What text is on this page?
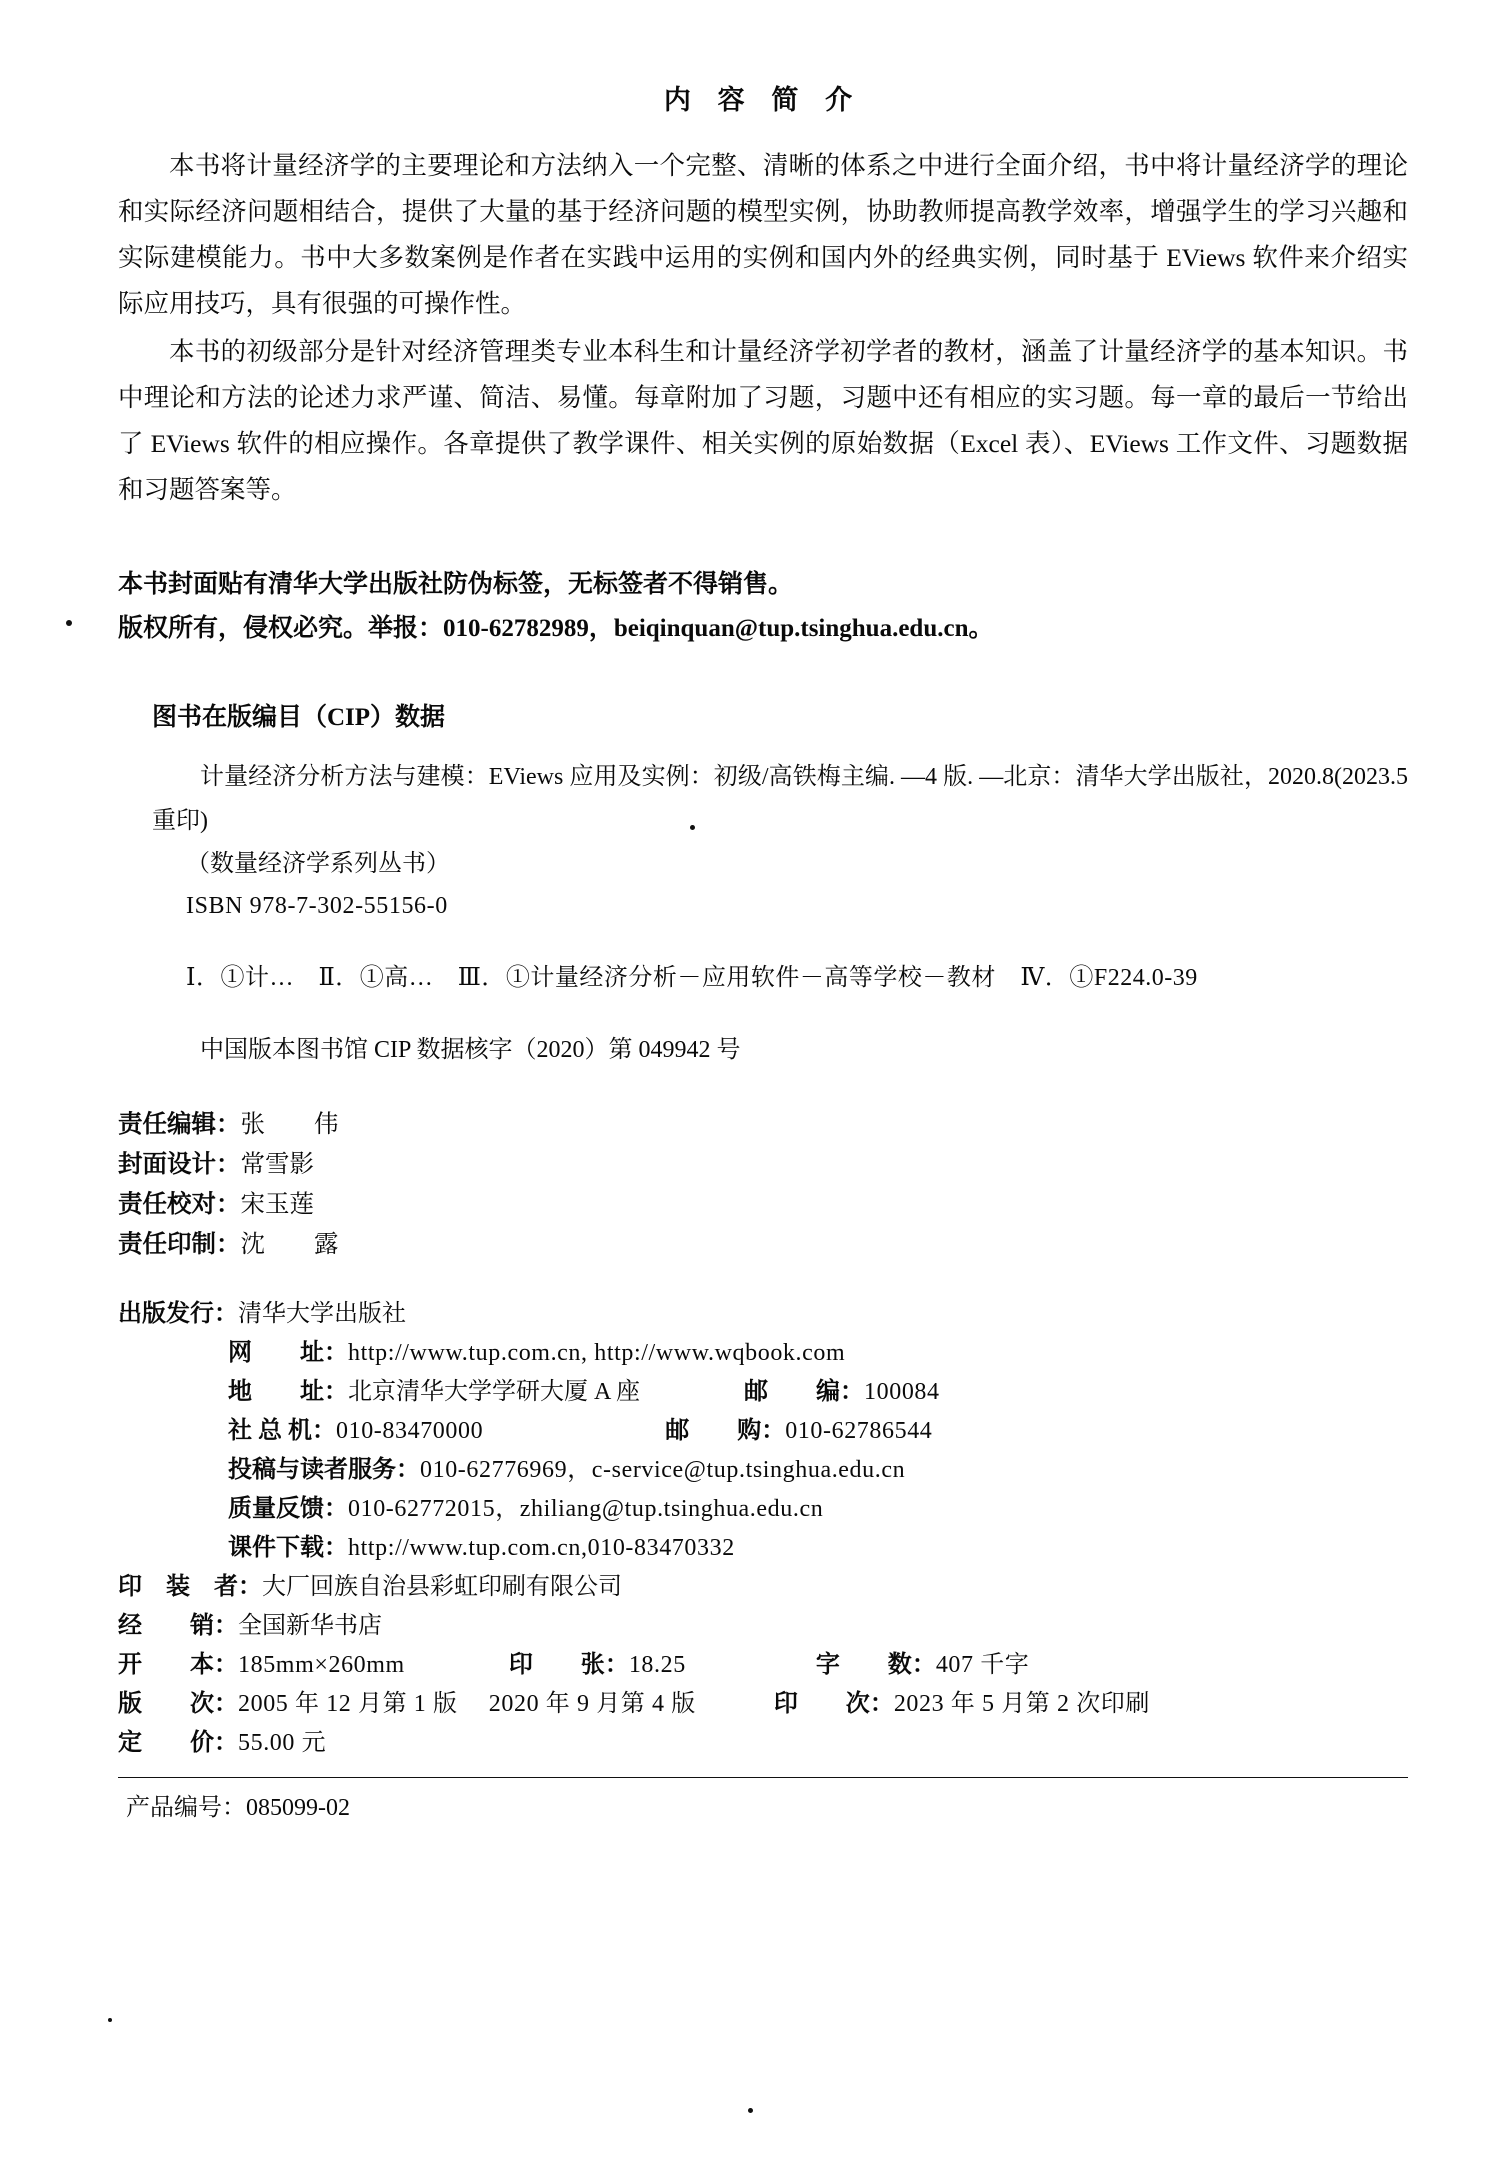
内 容 简 介

本书将计量经济学的主要理论和方法纳入一个完整、清晰的体系之中进行全面介绍，书中将计量经济学的理论和实际经济问题相结合，提供了大量的基于经济问题的模型实例，协助教师提高教学效率，增强学生的学习兴趣和实际建模能力。书中大多数案例是作者在实践中运用的实例和国内外的经典实例，同时基于 EViews 软件来介绍实际应用技巧，具有很强的可操作性。

本书的初级部分是针对经济管理类专业本科生和计量经济学初学者的教材，涵盖了计量经济学的基本知识。书中理论和方法的论述力求严谨、简洁、易懂。每章附加了习题，习题中还有相应的实习题。每一章的最后一节给出了 EViews 软件的相应操作。各章提供了教学课件、相关实例的原始数据（Excel 表）、EViews 工作文件、习题数据和习题答案等。

本书封面贴有清华大学出版社防伪标签，无标签者不得销售。

版权所有，侵权必究。举报：010-62782989，beiqinquan@tup.tsinghua.edu.cn。

图书在版编目（CIP）数据

计量经济分析方法与建模：EViews 应用及实例：初级/高铁梅主编. —4 版. —北京：清华大学出版社，2020.8(2023.5 重印)

（数量经济学系列丛书）

ISBN 978-7-302-55156-0

Ⅰ．①计…　Ⅱ．①高…　Ⅲ．①计量经济分析－应用软件－高等学校－教材　Ⅳ．①F224.0-39

中国版本图书馆 CIP 数据核字（2020）第 049942 号

责任编辑：张　　伟

封面设计：常雪影

责任校对：宋玉莲

责任印制：沈　　露

出版发行：清华大学出版社

网　　址：http://www.tup.com.cn, http://www.wqbook.com

地　　址：北京清华大学学研大厦 A 座	邮　　编：100084

社 总 机：010-83470000	邮　　购：010-62786544

投稿与读者服务：010-62776969，c-service@tup.tsinghua.edu.cn

质量反馈：010-62772015，zhiliang@tup.tsinghua.edu.cn

课件下载：http://www.tup.com.cn,010-83470332

印　装　者：大厂回族自治县彩虹印刷有限公司

经　　销：全国新华书店

开　　本：185mm×260mm	印　　张：18.25	字　　数：407 千字

版　　次：2005 年 12 月第 1 版　 2020 年 9 月第 4 版	印　　次：2023 年 5 月第 2 次印刷

定　　价：55.00 元

产品编号：085099-02
